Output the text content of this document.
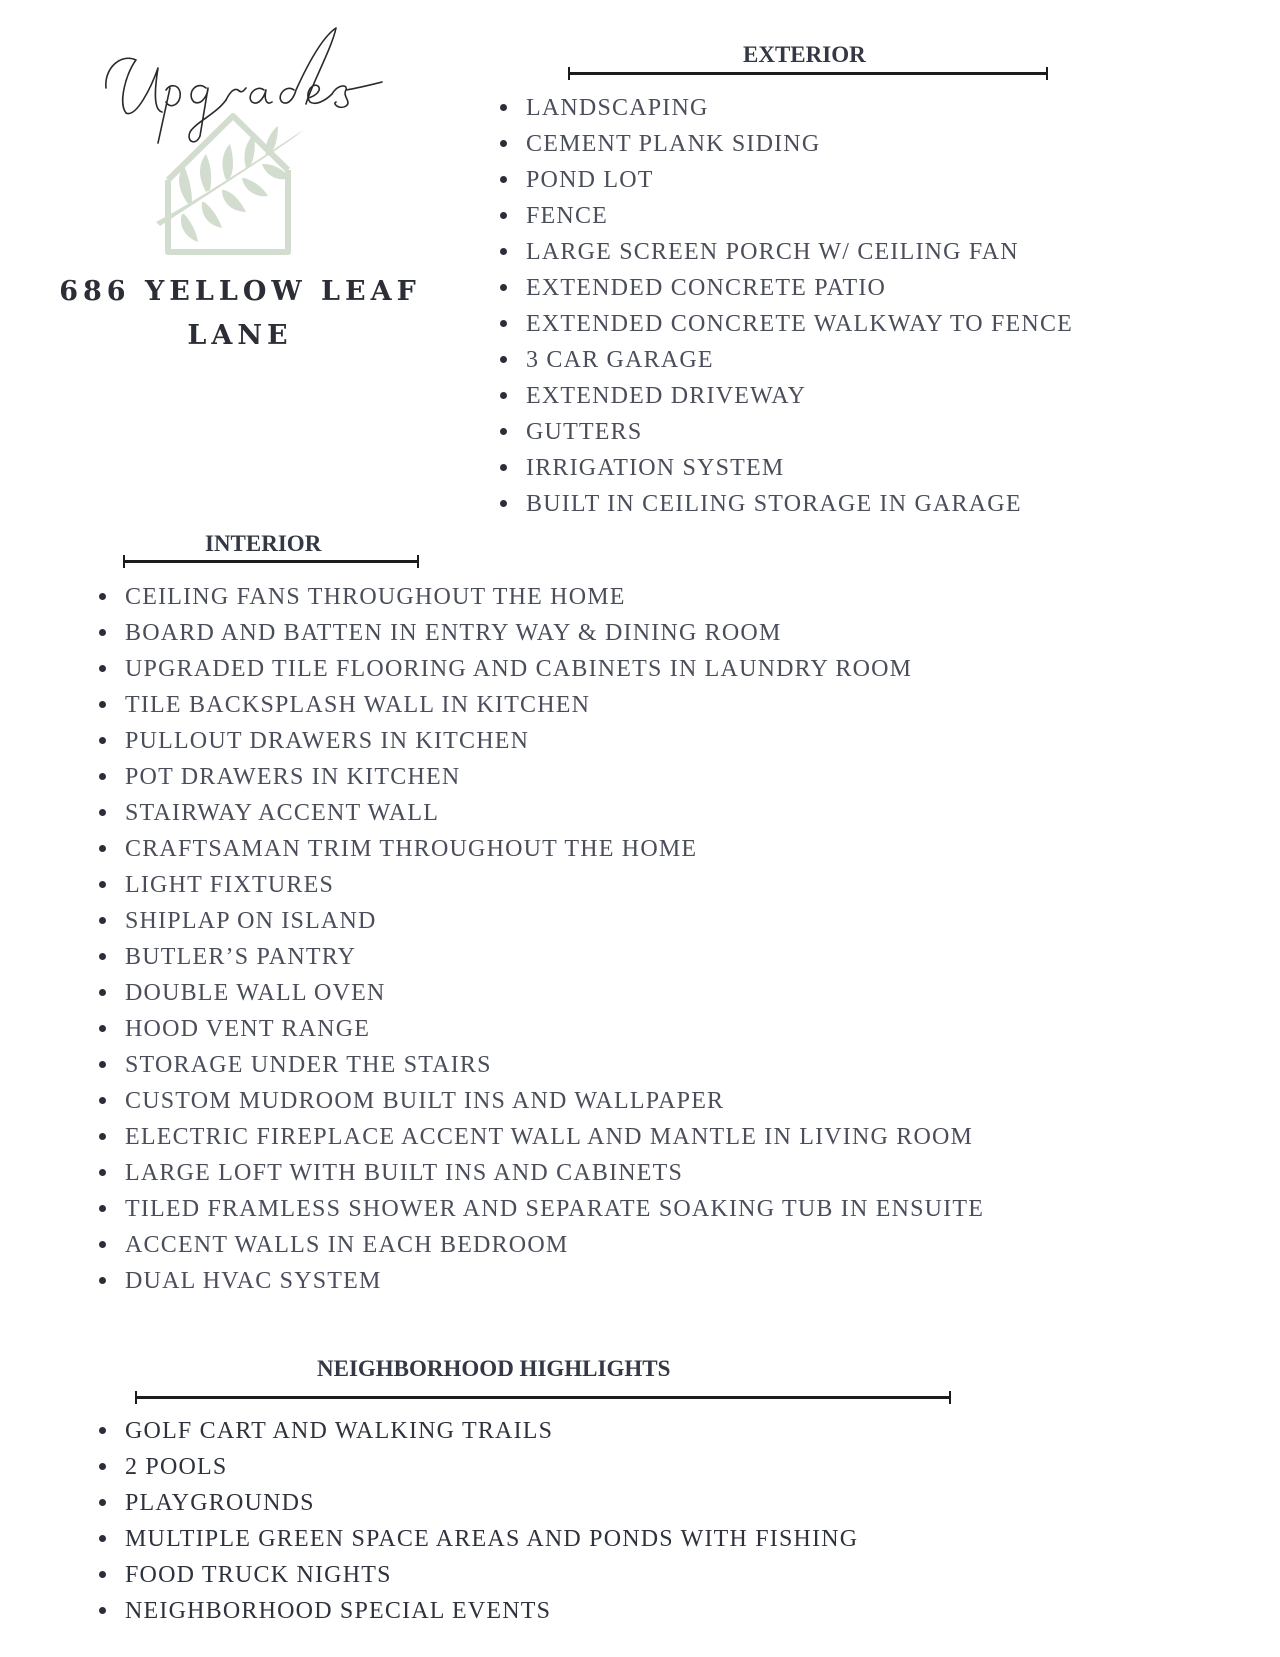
686 YELLOW LEAF LANE
EXTERIOR
LANDSCAPING
CEMENT PLANK SIDING
POND LOT
FENCE
LARGE SCREEN PORCH W/ CEILING FAN
EXTENDED CONCRETE PATIO
EXTENDED CONCRETE WALKWAY TO FENCE
3 CAR GARAGE
EXTENDED DRIVEWAY
GUTTERS
IRRIGATION SYSTEM
BUILT IN CEILING STORAGE IN GARAGE
INTERIOR
CEILING FANS THROUGHOUT THE HOME
BOARD AND BATTEN IN ENTRY WAY & DINING ROOM
UPGRADED TILE FLOORING AND CABINETS IN LAUNDRY ROOM
TILE BACKSPLASH WALL IN KITCHEN
PULLOUT DRAWERS IN KITCHEN
POT DRAWERS IN KITCHEN
STAIRWAY ACCENT WALL
CRAFTSAMAN TRIM THROUGHOUT THE HOME
LIGHT FIXTURES
SHIPLAP ON ISLAND
BUTLER’S PANTRY
DOUBLE WALL OVEN
HOOD VENT RANGE
STORAGE UNDER THE STAIRS
CUSTOM MUDROOM BUILT INS AND WALLPAPER
ELECTRIC FIREPLACE ACCENT WALL AND MANTLE IN LIVING ROOM
LARGE LOFT WITH BUILT INS AND CABINETS
TILED FRAMLESS SHOWER AND SEPARATE SOAKING TUB IN ENSUITE
ACCENT WALLS IN EACH BEDROOM
DUAL HVAC SYSTEM
NEIGHBORHOOD HIGHLIGHTS
GOLF CART AND WALKING TRAILS
2 POOLS
PLAYGROUNDS
MULTIPLE GREEN SPACE AREAS AND PONDS WITH FISHING
FOOD TRUCK NIGHTS
NEIGHBORHOOD SPECIAL EVENTS
